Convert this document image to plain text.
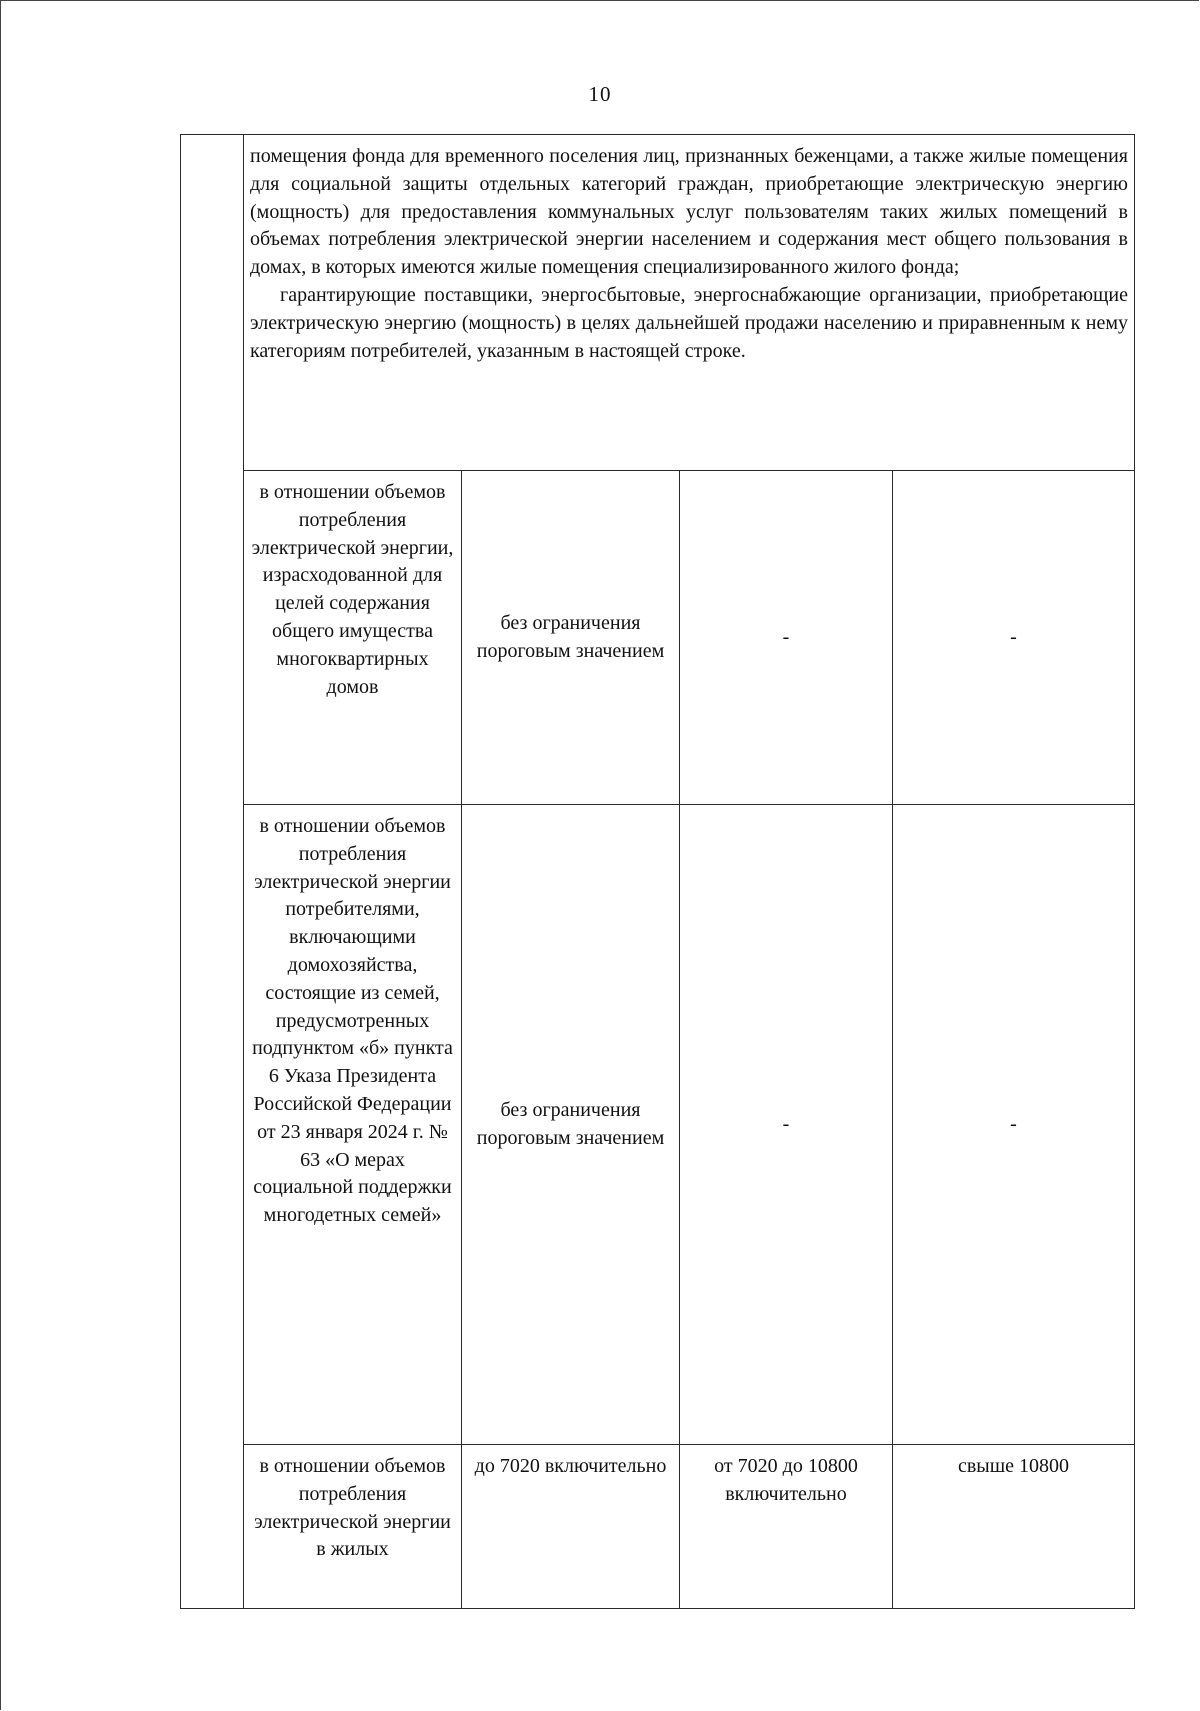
10

	помещения фонда для временного поселения лиц, признанных беженцами, а также жилые помещения для социальной защиты отдельных категорий граждан, приобретающие электрическую энергию (мощность) для предоставления коммунальных услуг пользователям таких жилых помещений в объемах потребления электрической энергии населением и содержания мест общего пользования в домах, в которых имеются жилые помещения специализированного жилого фонда;

гарантирующие поставщики, энергосбытовые, энергоснабжающие организации, приобретающие электрическую энергию (мощность) в целях дальнейшей продажи населению и приравненным к нему категориям потребителей, указанным в настоящей строке.			

	в отношении объемов потребления электрической энергии, израсходованной для целей содержания общего имущества многоквартирных домов	без ограничения пороговым значением	-	-
	в отношении объемов потребления электрической энергии потребителями, включающими домохозяйства, состоящие из семей, предусмотренных подпунктом «б» пункта 6 Указа Президента Российской Федерации от 23 января 2024 г. № 63 «О мерах социальной поддержки многодетных семей»	без ограничения пороговым значением	-	-
	в отношении объемов потребления электрической энергии в жилых	до 7020 включительно	от 7020 до 10800 включительно	свыше 10800
